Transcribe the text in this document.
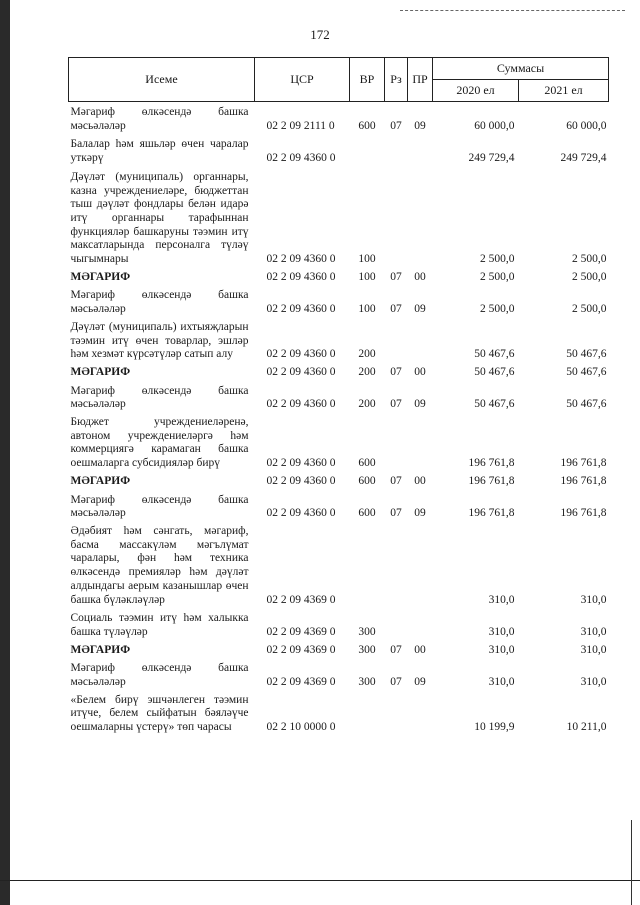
172
Исеме	ЦСР	ВР	Рз	ПР	Суммасы	
					2020 ел	2021 ел
Мәгариф өлкәсендә башка мәсьәләләр	02 2 09 2111 0	600	07	09	60 000,0	60 000,0
Балалар һәм яшьләр өчен чаралар уткәрү	02 2 09 4360 0				249 729,4	249 729,4
Дәүләт (муниципаль) органнары, казна учреждениеләре, бюджеттан тыш дәүләт фондлары белән идарә итү органнары тарафыннан функцияләр башкаруны тәэмин итү максатларында персоналга түләү чыгымнары	02 2 09 4360 0	100			2 500,0	2 500,0
МӘГАРИФ	02 2 09 4360 0	100	07	00	2 500,0	2 500,0
Мәгариф өлкәсендә башка мәсьәләләр	02 2 09 4360 0	100	07	09	2 500,0	2 500,0
Дәүләт (муниципаль) ихтыяҗларын тәэмин итү өчен товарлар, эшләр һәм хезмәт күрсәтүләр сатып алу	02 2 09 4360 0	200			50 467,6	50 467,6
МӘГАРИФ	02 2 09 4360 0	200	07	00	50 467,6	50 467,6
Мәгариф өлкәсендә башка мәсьәләләр	02 2 09 4360 0	200	07	09	50 467,6	50 467,6
Бюджет учреждениеләренә, автоном учреждениеләргә һәм коммерциягә карамаган башка оешмаларга субсидияләр бирү	02 2 09 4360 0	600			196 761,8	196 761,8
МӘГАРИФ	02 2 09 4360 0	600	07	00	196 761,8	196 761,8
Мәгариф өлкәсендә башка мәсьәләләр	02 2 09 4360 0	600	07	09	196 761,8	196 761,8
Әдәбият һәм сәнгать, мәгариф, басма массакүләм мәгълүмат чаралары, фән һәм техника өлкәсендә премияләр һәм дәүләт алдындагы аерым казанышлар өчен башка бүләкләүләр	02 2 09 4369 0				310,0	310,0
Социаль тәэмин итү һәм халыкка башка түләүләр	02 2 09 4369 0	300			310,0	310,0
МӘГАРИФ	02 2 09 4369 0	300	07	00	310,0	310,0
Мәгариф өлкәсендә башка мәсьәләләр	02 2 09 4369 0	300	07	09	310,0	310,0
«Белем бирү эшчәнлеген тәэмин итүче, белем сыйфатын бәяләүче оешмаларны үстерү» төп чарасы	02 2 10 0000 0				10 199,9	10 211,0
